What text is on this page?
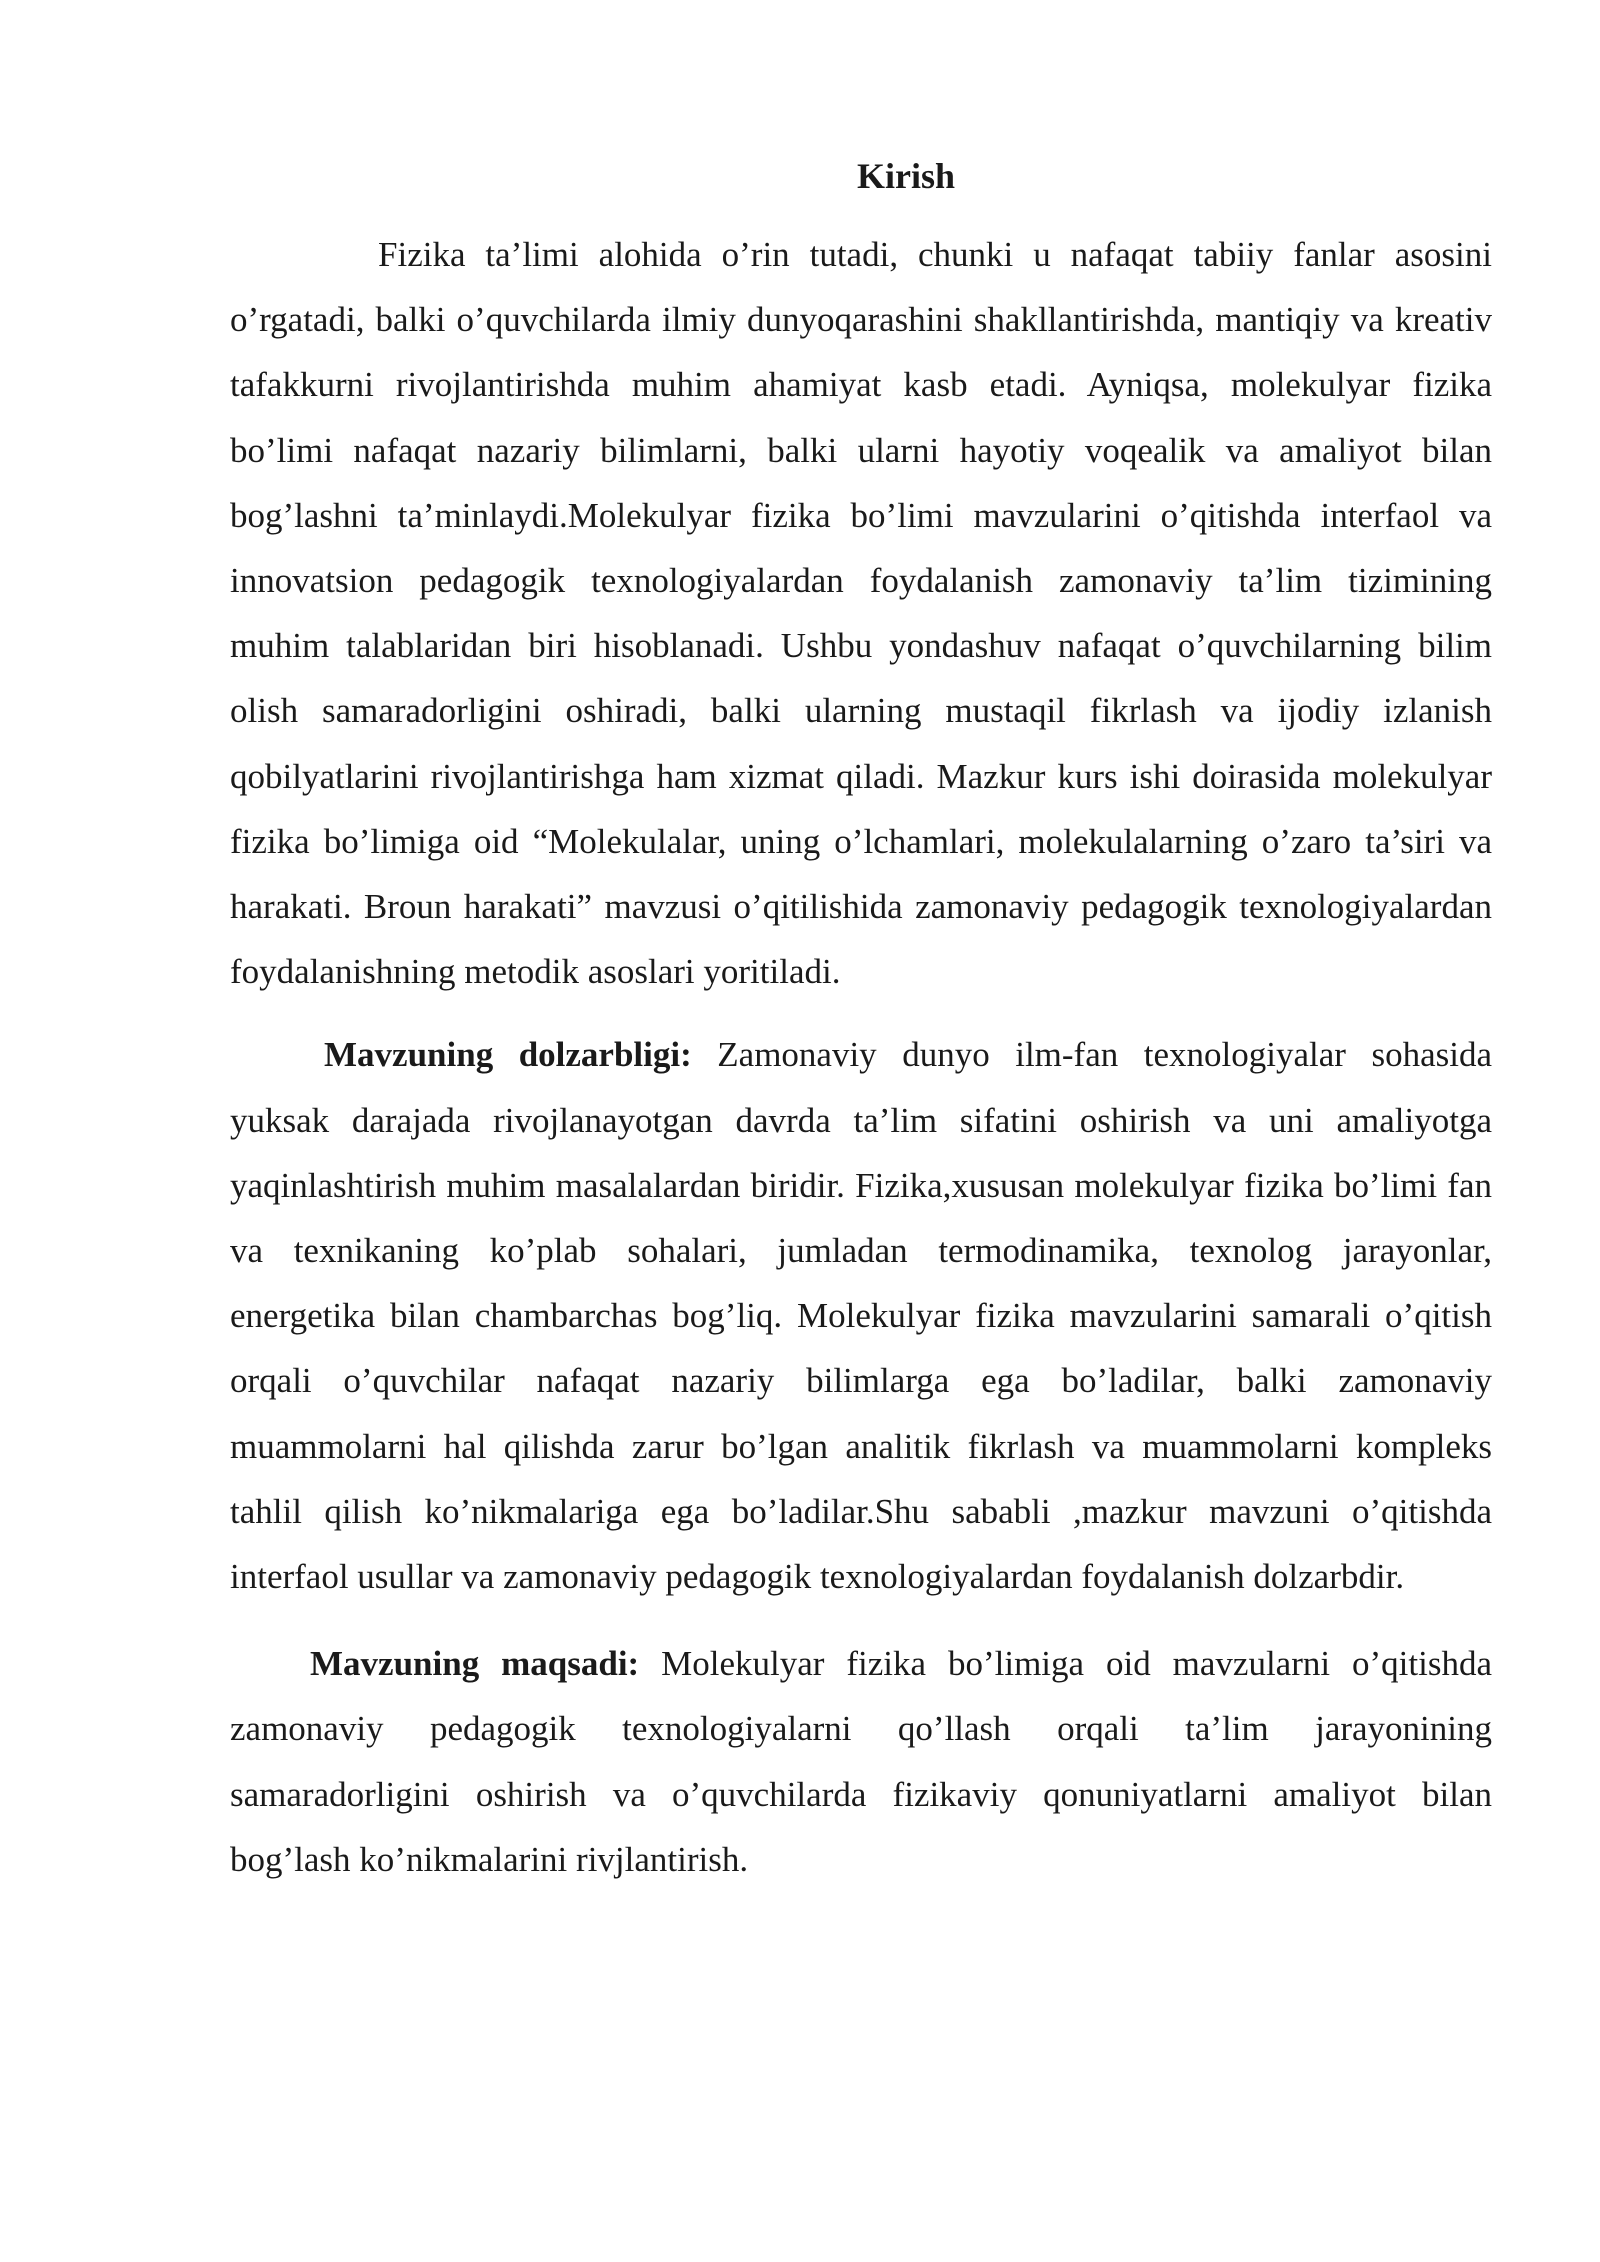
Kirish

Fizika ta’limi alohida o’rin tutadi, chunki u nafaqat tabiiy fanlar asosini o’rgatadi, balki o’quvchilarda ilmiy dunyoqarashini shakllantirishda, mantiqiy va kreativ tafakkurni rivojlantirishda muhim ahamiyat kasb etadi. Ayniqsa, molekulyar fizika bo’limi nafaqat nazariy bilimlarni, balki ularni hayotiy voqealik va amaliyot bilan bog’lashni ta’minlaydi.Molekulyar fizika bo’limi mavzularini o’qitishda interfaol va innovatsion pedagogik texnologiyalardan foydalanish zamonaviy ta’lim tizimining muhim talablaridan biri hisoblanadi. Ushbu yondashuv nafaqat o’quvchilarning bilim olish samaradorligini oshiradi, balki ularning mustaqil fikrlash va ijodiy izlanish qobilyatlarini rivojlantirishga ham xizmat qiladi. Mazkur kurs ishi doirasida molekulyar fizika bo’limiga oid “Molekulalar, uning o’lchamlari, molekulalarning o’zaro ta’siri va harakati. Broun harakati” mavzusi o’qitilishida zamonaviy pedagogik texnologiyalardan foydalanishning metodik asoslari yoritiladi.

Mavzuning dolzarbligi: Zamonaviy dunyo ilm-fan texnologiyalar sohasida yuksak darajada rivojlanayotgan davrda ta’lim sifatini oshirish va uni amaliyotga yaqinlashtirish muhim masalalardan biridir. Fizika,xususan molekulyar fizika bo’limi fan va texnikaning ko’plab sohalari, jumladan termodinamika, texnolog jarayonlar, energetika bilan chambarchas bog’liq. Molekulyar fizika mavzularini samarali o’qitish orqali o’quvchilar nafaqat nazariy bilimlarga ega bo’ladilar, balki zamonaviy muammolarni hal qilishda zarur bo’lgan analitik fikrlash va muammolarni kompleks tahlil qilish ko’nikmalariga ega bo’ladilar.Shu sababli ,mazkur mavzuni o’qitishda interfaol usullar va zamonaviy pedagogik texnologiyalardan foydalanish dolzarbdir.

Mavzuning maqsadi: Molekulyar fizika bo’limiga oid mavzularni o’qitishda zamonaviy pedagogik texnologiyalarni qo’llash orqali ta’lim jarayonining samaradorligini oshirish va o’quvchilarda fizikaviy qonuniyatlarni amaliyot bilan bog’lash ko’nikmalarini rivjlantirish.
